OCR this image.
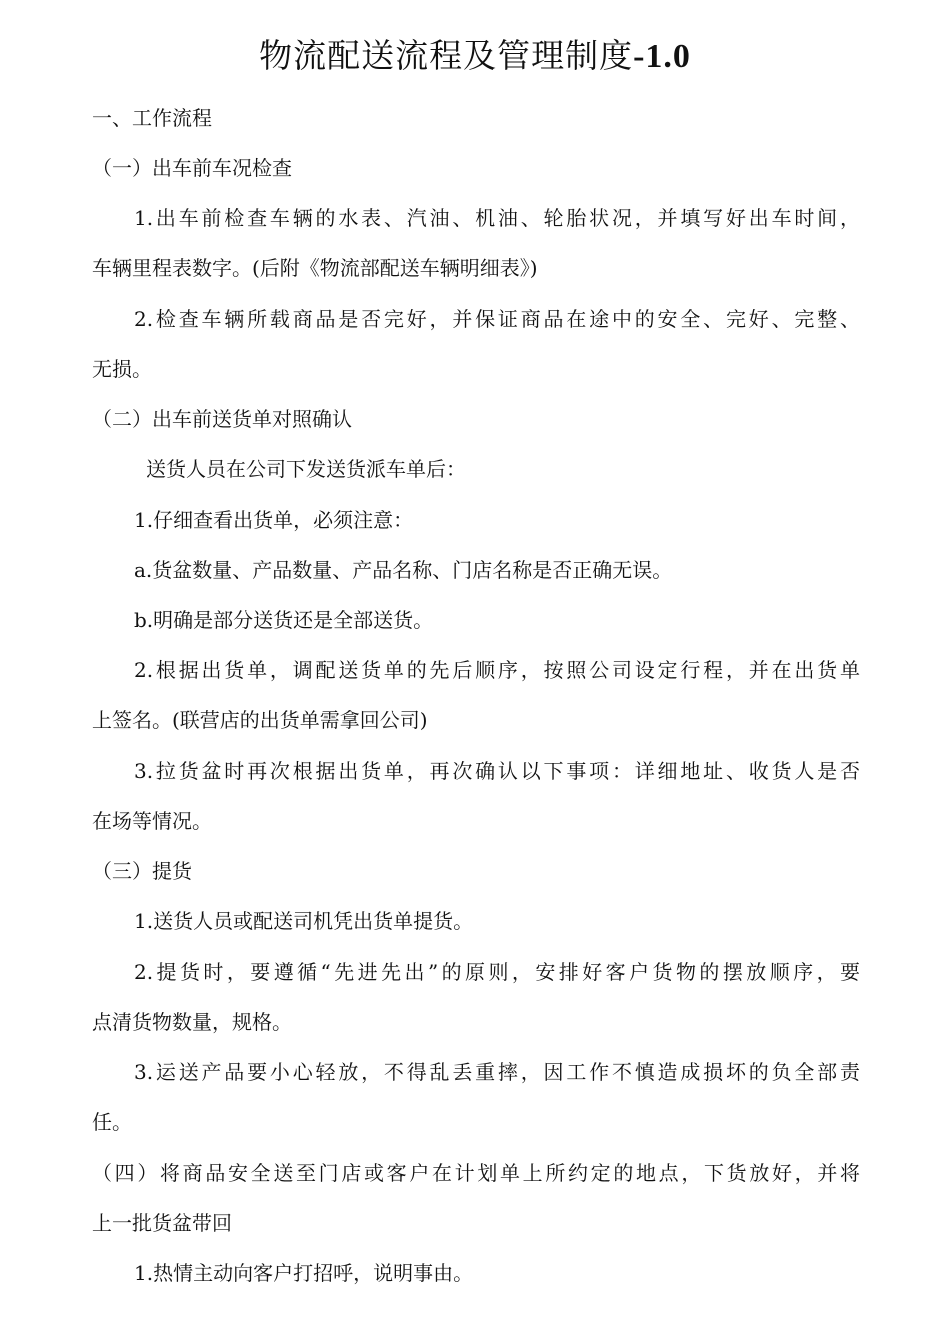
物流配送流程及管理制度-1.0
一、工作流程
（一）出车前车况检查
1.出车前检查车辆的水表、汽油、机油、轮胎状况，并填写好出车时间，
车辆里程表数字。(后附《物流部配送车辆明细表》)
2.检查车辆所载商品是否完好，并保证商品在途中的安全、完好、完整、
无损。
（二）出车前送货单对照确认
送货人员在公司下发送货派车单后：
1.仔细查看出货单，必须注意：
a.货盆数量、产品数量、产品名称、门店名称是否正确无误。
b.明确是部分送货还是全部送货。
2.根据出货单，调配送货单的先后顺序，按照公司设定行程，并在出货单
上签名。(联营店的出货单需拿回公司)
3.拉货盆时再次根据出货单，再次确认以下事项：详细地址、收货人是否
在场等情况。
（三）提货
1.送货人员或配送司机凭出货单提货。
2.提货时，要遵循“先进先出”的原则，安排好客户货物的摆放顺序，要
点清货物数量，规格。
3.运送产品要小心轻放，不得乱丢重摔，因工作不慎造成损坏的负全部责
任。
（四）将商品安全送至门店或客户在计划单上所约定的地点，下货放好，并将
上一批货盆带回
1.热情主动向客户打招呼，说明事由。
